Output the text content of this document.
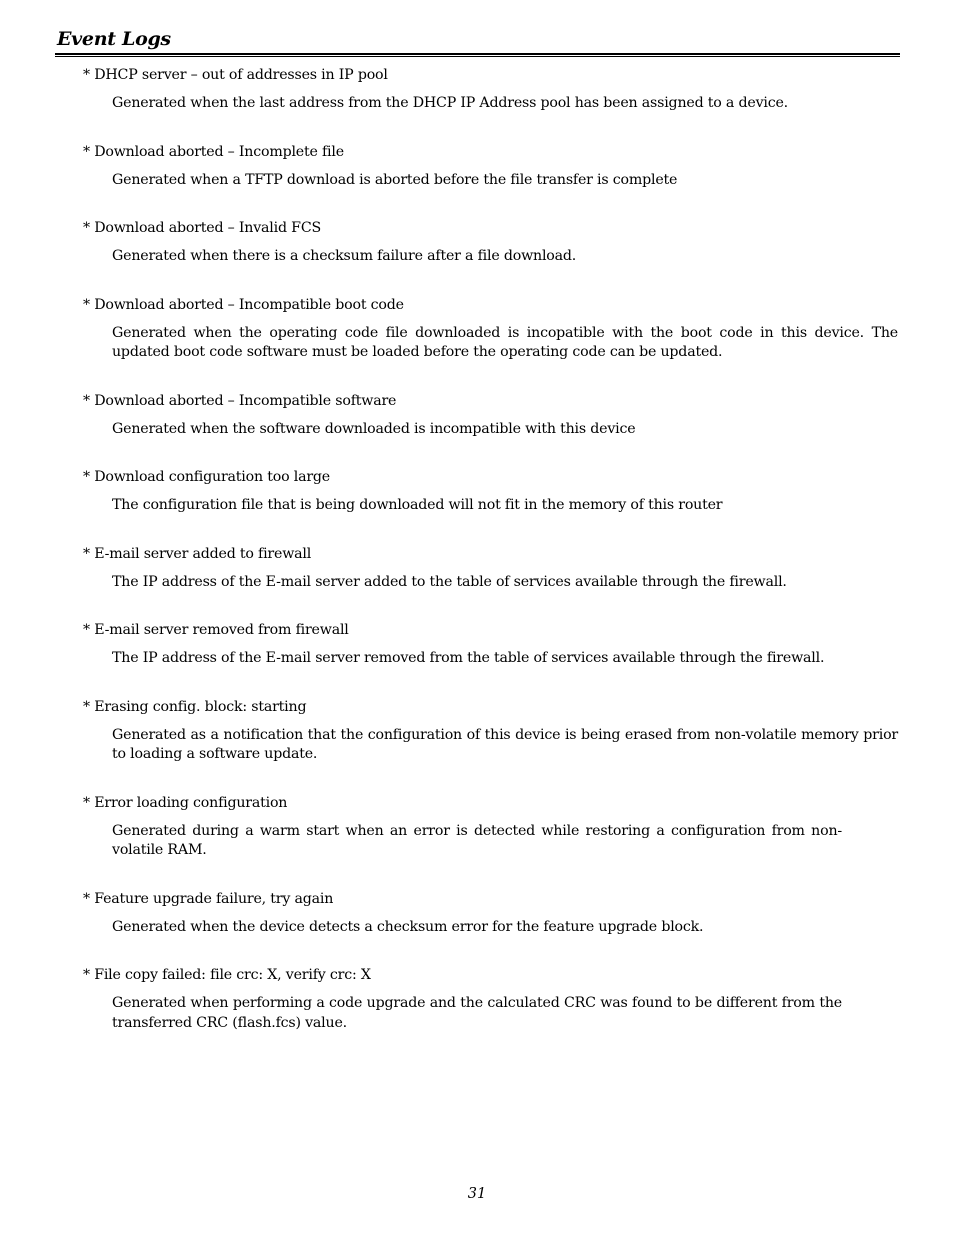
Event Logs

* DHCP server – out of addresses in IP pool

Generated when the last address from the DHCP IP Address pool has been assigned to a device.

* Download aborted – Incomplete file

Generated when a TFTP download is aborted before the file transfer is complete

* Download aborted – Invalid FCS

Generated when there is a checksum failure after a file download.

* Download aborted – Incompatible boot code

Generated when the operating code file downloaded is incopatible with the boot code in this device. The updated boot code software must be loaded before the operating code can be updated.

* Download aborted – Incompatible software

Generated when the software downloaded is incompatible with this device

* Download configuration too large

The configuration file that is being downloaded will not fit in the memory of this router

* E-mail server added to firewall

The IP address of the E-mail server added to the table of services available through the firewall.

* E-mail server removed from firewall

The IP address of the E-mail server removed from the table of services available through the firewall.

* Erasing config. block: starting

Generated as a notification that the configuration of this device is being erased from non-volatile memory prior to loading a software update.

* Error loading configuration

Generated during a warm start when an error is detected while restoring a configuration from non-volatile RAM.

* Feature upgrade failure, try again

Generated when the device detects a checksum error for the feature upgrade block.

* File copy failed: file crc: X, verify crc: X

Generated when performing a code upgrade and the calculated CRC was found to be different from the transferred CRC (flash.fcs) value.

31
